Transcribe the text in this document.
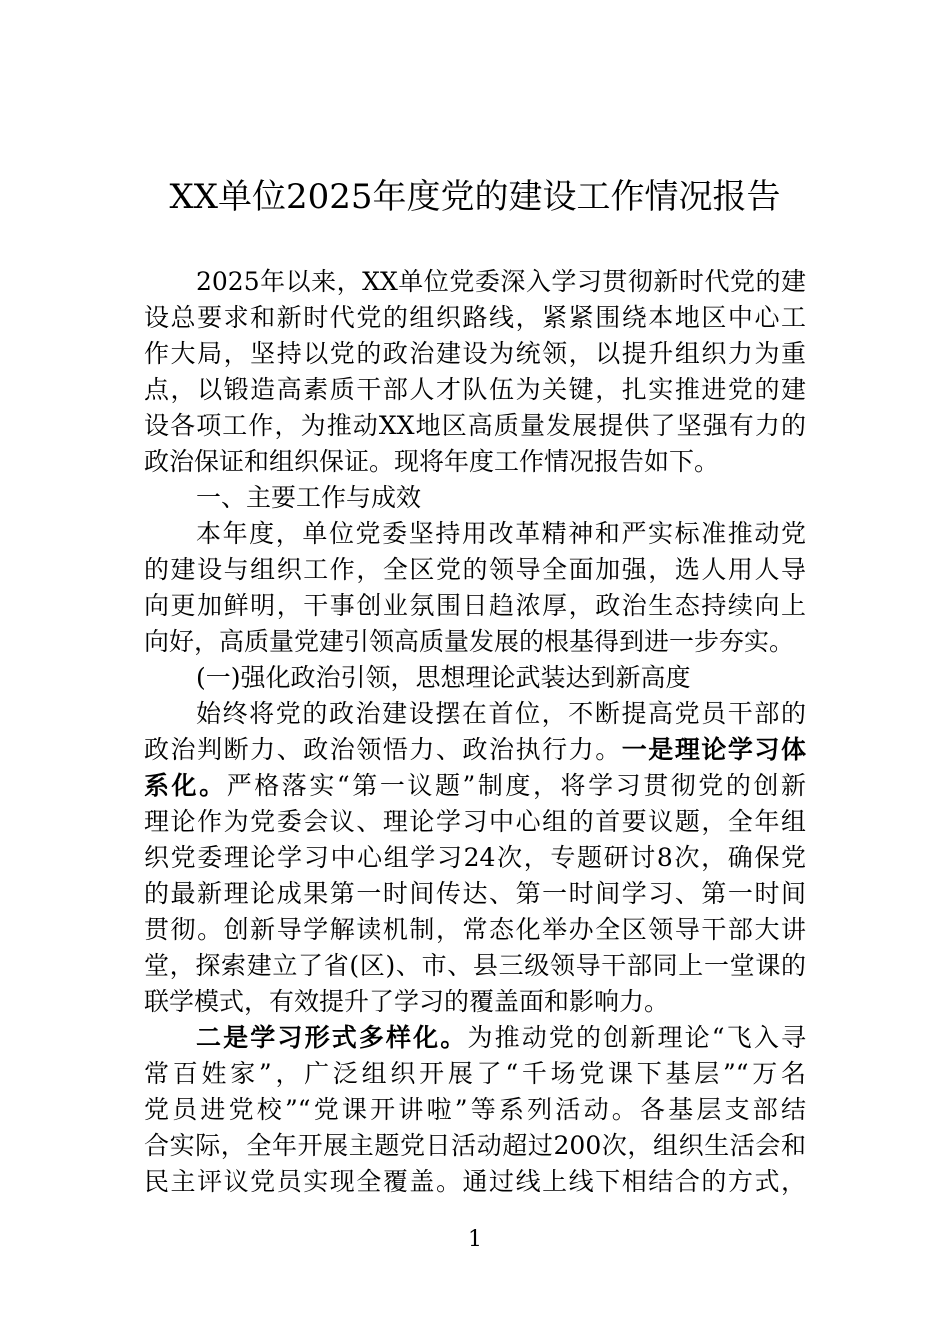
XX单位2025年度党的建设工作情况报告
2025年以来，XX单位党委深入学习贯彻新时代党的建
设总要求和新时代党的组织路线，紧紧围绕本地区中心工
作大局，坚持以党的政治建设为统领，以提升组织力为重
点，以锻造高素质干部人才队伍为关键，扎实推进党的建
设各项工作，为推动XX地区高质量发展提供了坚强有力的
政治保证和组织保证。现将年度工作情况报告如下。
一、主要工作与成效
本年度，单位党委坚持用改革精神和严实标准推动党
的建设与组织工作，全区党的领导全面加强，选人用人导
向更加鲜明，干事创业氛围日趋浓厚，政治生态持续向上
向好，高质量党建引领高质量发展的根基得到进一步夯实。
(一)强化政治引领，思想理论武装达到新高度
始终将党的政治建设摆在首位，不断提高党员干部的
政治判断力、政治领悟力、政治执行力。一是理论学习体
系化。严格落实“第一议题”制度，将学习贯彻党的创新
理论作为党委会议、理论学习中心组的首要议题，全年组
织党委理论学习中心组学习24次，专题研讨8次，确保党
的最新理论成果第一时间传达、第一时间学习、第一时间
贯彻。创新导学解读机制，常态化举办全区领导干部大讲
堂，探索建立了省(区)、市、县三级领导干部同上一堂课的
联学模式，有效提升了学习的覆盖面和影响力。
二是学习形式多样化。为推动党的创新理论“飞入寻
常百姓家”，广泛组织开展了“千场党课下基层”“万名
党员进党校”“党课开讲啦”等系列活动。各基层支部结
合实际，全年开展主题党日活动超过200次，组织生活会和
民主评议党员实现全覆盖。通过线上线下相结合的方式，
1
